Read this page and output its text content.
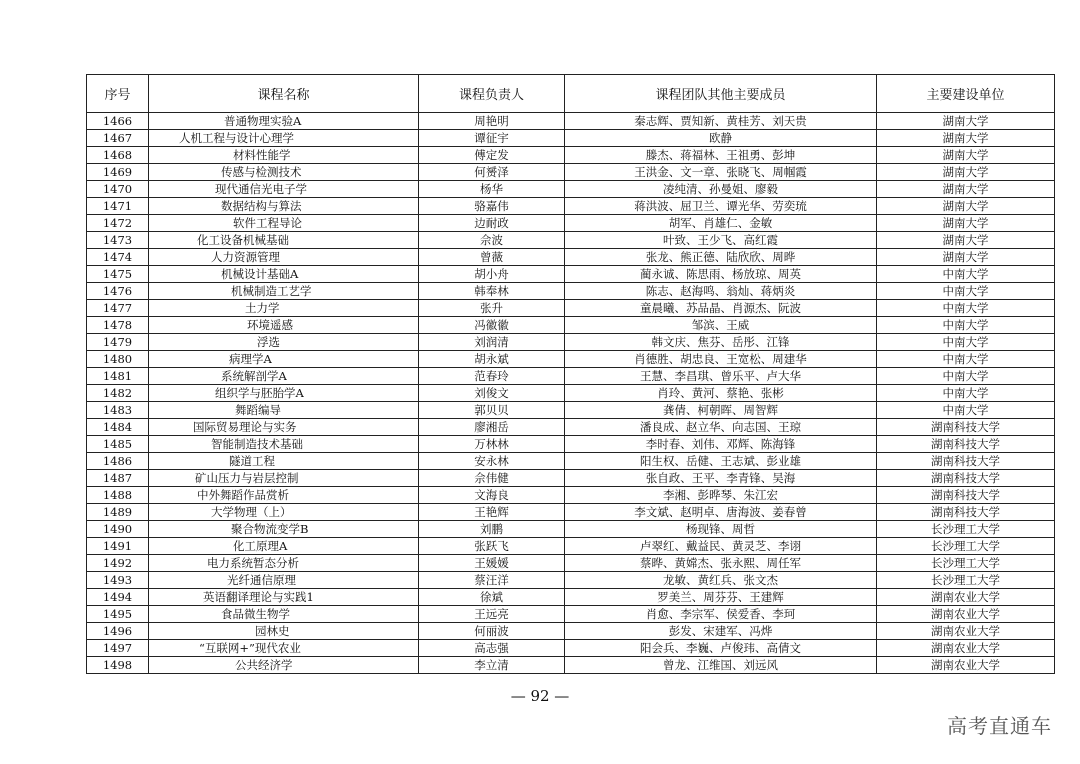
序号	课程名称	课程负责人	课程团队其他主要成员	主要建设单位
1466	普通物理实验A	周艳明	秦志辉、贾知新、黄桂芳、刘天贵	湖南大学
1467	人机工程与设计心理学	谭征宇	欧静	湖南大学
1468	材料性能学	傅定发	滕杰、蒋福林、王祖勇、彭坤	湖南大学
1469	传感与检测技术	何赟泽	王洪金、文一章、张晓飞、周帼霞	湖南大学
1470	现代通信光电子学	杨华	凌纯清、孙曼姐、廖毅	湖南大学
1471	数据结构与算法	骆嘉伟	蒋洪波、屈卫兰、谭光华、劳奕琉	湖南大学
1472	软件工程导论	边耐政	胡军、肖雄仁、金敏	湖南大学
1473	化工设备机械基础	佘波	叶致、王少飞、高红霞	湖南大学
1474	人力资源管理	曾薇	张龙、熊正德、陆欣欣、周晔	湖南大学
1475	机械设计基础A	胡小舟	蔺永诚、陈思雨、杨放琼、周英	中南大学
1476	机械制造工艺学	韩奉林	陈志、赵海鸣、翁灿、蒋炳炎	中南大学
1477	土力学	张升	童晨曦、苏品晶、肖源杰、阮波	中南大学
1478	环境遥感	冯徽徽	邹滨、王威	中南大学
1479	浮选	刘润清	韩文庆、焦芬、岳彤、江锋	中南大学
1480	病理学A	胡永斌	肖德胜、胡忠良、王宽松、周建华	中南大学
1481	系统解剖学A	范春玲	王慧、李昌琪、曾乐平、卢大华	中南大学
1482	组织学与胚胎学A	刘俊文	肖玲、黄河、蔡艳、张彬	中南大学
1483	舞蹈编导	郭贝贝	龚倩、柯朝晖、周智辉	中南大学
1484	国际贸易理论与实务	廖湘岳	潘良成、赵立华、向志国、王琼	湖南科技大学
1485	智能制造技术基础	万林林	李时春、刘伟、邓辉、陈海锋	湖南科技大学
1486	隧道工程	安永林	阳生权、岳健、王志斌、彭业雄	湖南科技大学
1487	矿山压力与岩层控制	佘伟健	张自政、王平、李青锋、吴海	湖南科技大学
1488	中外舞蹈作品赏析	文海良	李湘、彭晔琴、朱江宏	湖南科技大学
1489	大学物理（上）	王艳辉	李文斌、赵明卓、唐海波、姜春曾	湖南科技大学
1490	聚合物流变学B	刘鹏	杨现锋、周哲	长沙理工大学
1491	化工原理A	张跃飞	卢翠红、戴益民、黄灵芝、李诩	长沙理工大学
1492	电力系统暂态分析	王媛媛	蔡晔、黄嫦杰、张永熙、周任军	长沙理工大学
1493	光纤通信原理	蔡汪洋	龙敏、黄红兵、张文杰	长沙理工大学
1494	英语翻译理论与实践1	徐斌	罗美兰、周芬芬、王建辉	湖南农业大学
1495	食品微生物学	王远亮	肖愈、李宗军、侯爱香、李珂	湖南农业大学
1496	园林史	何丽波	彭发、宋建军、冯烨	湖南农业大学
1497	“互联网+”现代农业	高志强	阳会兵、李巍、卢俊玮、高倩文	湖南农业大学
1498	公共经济学	李立清	曾龙、江维国、刘远风	湖南农业大学
— 92 —
高考直通车
